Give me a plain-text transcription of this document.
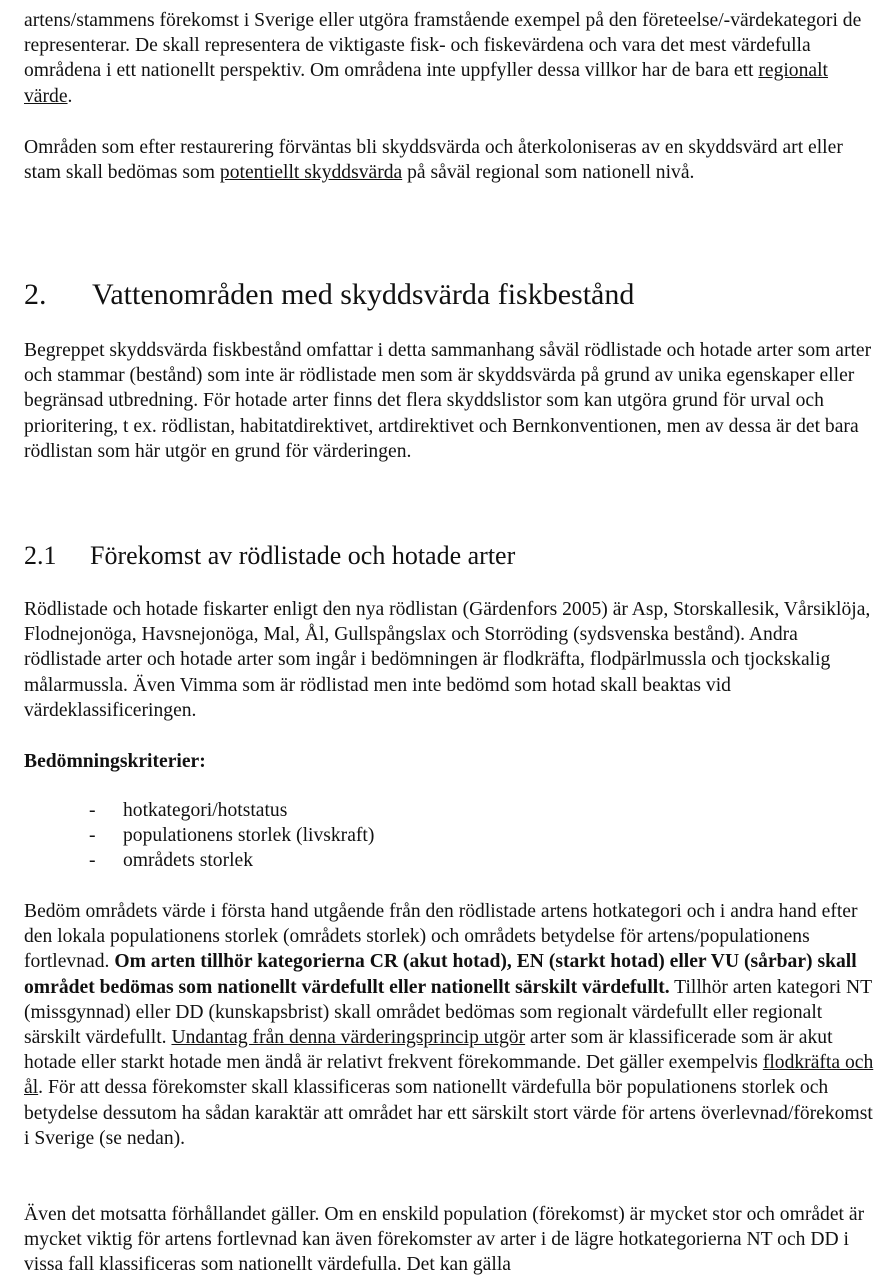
artens/stammens förekomst i Sverige eller utgöra framstående exempel på den företeelse/-värdekategori de representerar. De skall representera de viktigaste fisk- och fiskevärdena och vara det mest värdefulla områdena i ett nationellt perspektiv. Om områdena inte uppfyller dessa villkor har de bara ett regionalt värde.

Områden som efter restaurering förväntas bli skyddsvärda och återkoloniseras av en skyddsvärd art eller stam skall bedömas som potentiellt skyddsvärda på såväl regional som nationell nivå.

2. Vattenområden med skyddsvärda fiskbestånd

Begreppet skyddsvärda fiskbestånd omfattar i detta sammanhang såväl rödlistade och hotade arter som arter och stammar (bestånd) som inte är rödlistade men som är skyddsvärda på grund av unika egenskaper eller begränsad utbredning. För hotade arter finns det flera skyddslistor som kan utgöra grund för urval och prioritering, t ex. rödlistan, habitatdirektivet, artdirektivet och Bernkonventionen, men av dessa är det bara rödlistan som här utgör en grund för värderingen.

2.1 Förekomst av rödlistade och hotade arter

Rödlistade och hotade fiskarter enligt den nya rödlistan (Gärdenfors 2005) är Asp, Storskallesik, Vårsiklöja, Flodnejonöga, Havsnejonöga, Mal, Ål, Gullspångslax och Storröding (sydsvenska bestånd). Andra rödlistade arter och hotade arter som ingår i bedömningen är flodkräfta, flodpärlmussla och tjockskalig målarmussla. Även Vimma som är rödlistad men inte bedömd som hotad skall beaktas vid värdeklassificeringen.

Bedömningskriterier:
- hotkategori/hotstatus
- populationens storlek (livskraft)
- områdets storlek

Bedöm områdets värde i första hand utgående från den rödlistade artens hotkategori och i andra hand efter den lokala populationens storlek (områdets storlek) och områdets betydelse för artens/populationens fortlevnad. Om arten tillhör kategorierna CR (akut hotad), EN (starkt hotad) eller VU (sårbar) skall området bedömas som nationellt värdefullt eller nationellt särskilt värdefullt. Tillhör arten kategori NT (missgynnad) eller DD (kunskapsbrist) skall området bedömas som regionalt värdefullt eller regionalt särskilt värdefullt. Undantag från denna värderingsprincip utgör arter som är klassificerade som är akut hotade eller starkt hotade men ändå är relativt frekvent förekommande. Det gäller exempelvis flodkräfta och ål. För att dessa förekomster skall klassificeras som nationellt värdefulla bör populationens storlek och betydelse dessutom ha sådan karaktär att området har ett särskilt stort värde för artens överlevnad/förekomst i Sverige (se nedan).

Även det motsatta förhållandet gäller. Om en enskild population (förekomst) är mycket stor och området är mycket viktig för artens fortlevnad kan även förekomster av arter i de lägre hotkategorierna NT och DD i vissa fall klassificeras som nationellt värdefulla. Det kan gälla
